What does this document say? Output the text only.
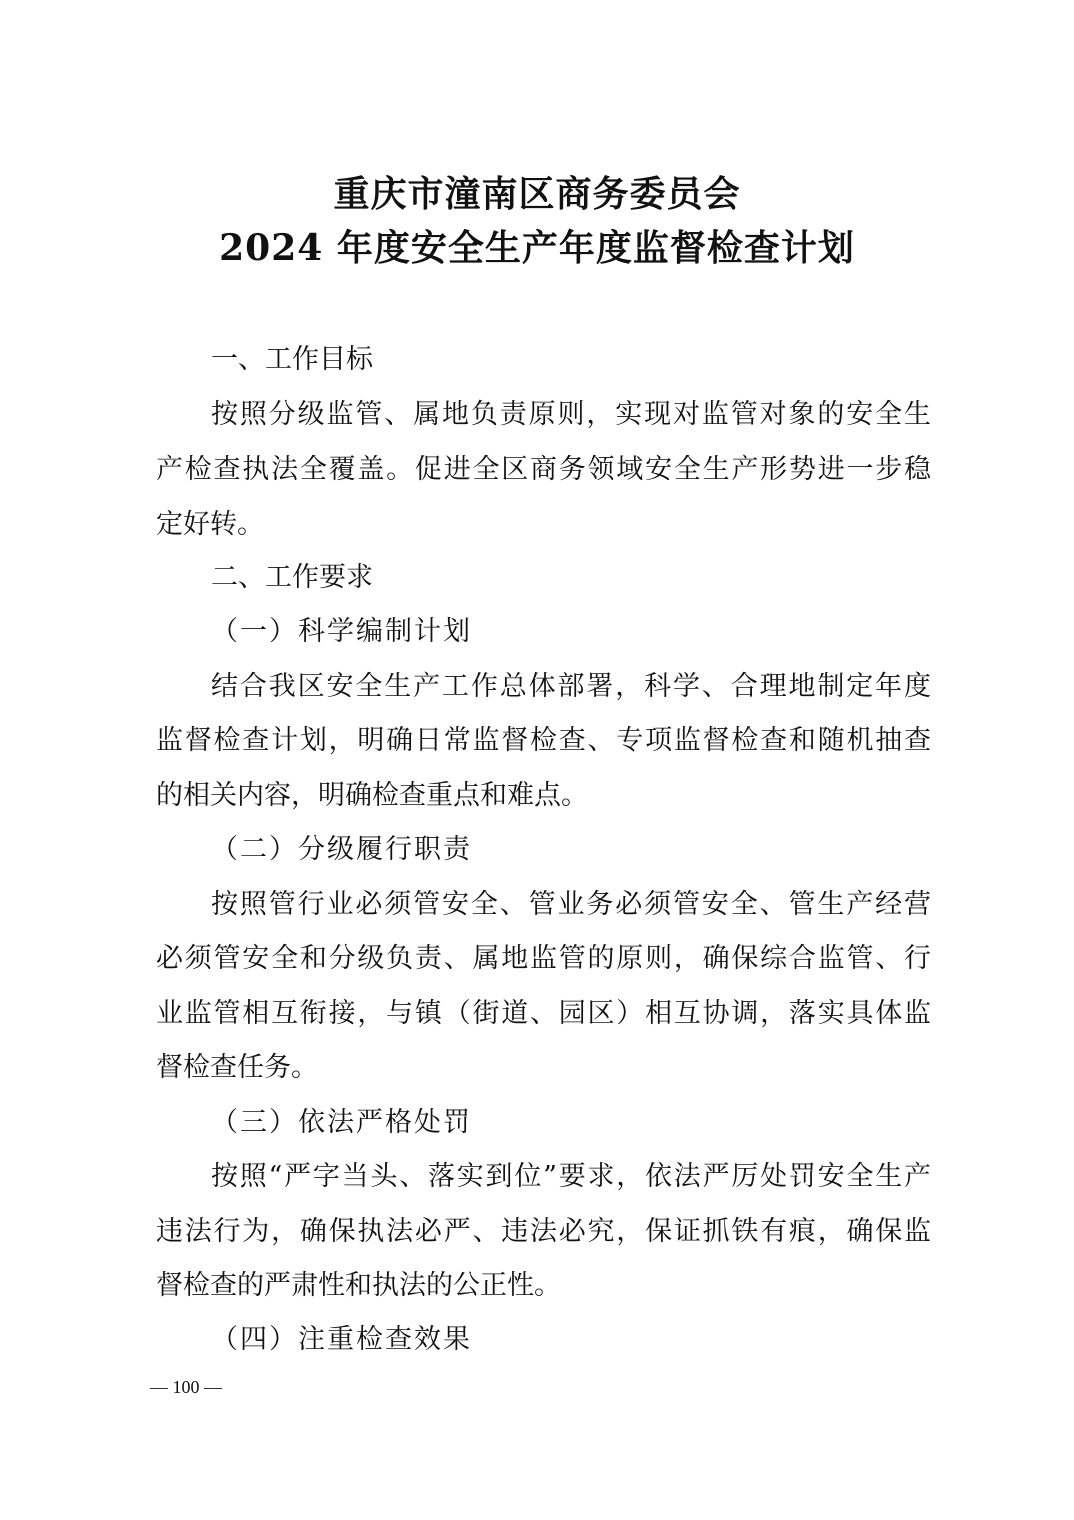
重庆市潼南区商务委员会
2024 年度安全生产年度监督检查计划
一、工作目标
按照分级监管、属地负责原则，实现对监管对象的安全生
产检查执法全覆盖。促进全区商务领域安全生产形势进一步稳
定好转。
二、工作要求
（一）科学编制计划
结合我区安全生产工作总体部署，科学、合理地制定年度
监督检查计划，明确日常监督检查、专项监督检查和随机抽查
的相关内容，明确检查重点和难点。
（二）分级履行职责
按照管行业必须管安全、管业务必须管安全、管生产经营
必须管安全和分级负责、属地监管的原则，确保综合监管、行
业监管相互衔接，与镇（街道、园区）相互协调，落实具体监
督检查任务。
（三）依法严格处罚
按照“严字当头、落实到位”要求，依法严厉处罚安全生产
违法行为，确保执法必严、违法必究，保证抓铁有痕，确保监
督检查的严肃性和执法的公正性。
（四）注重检查效果
— 100 —
